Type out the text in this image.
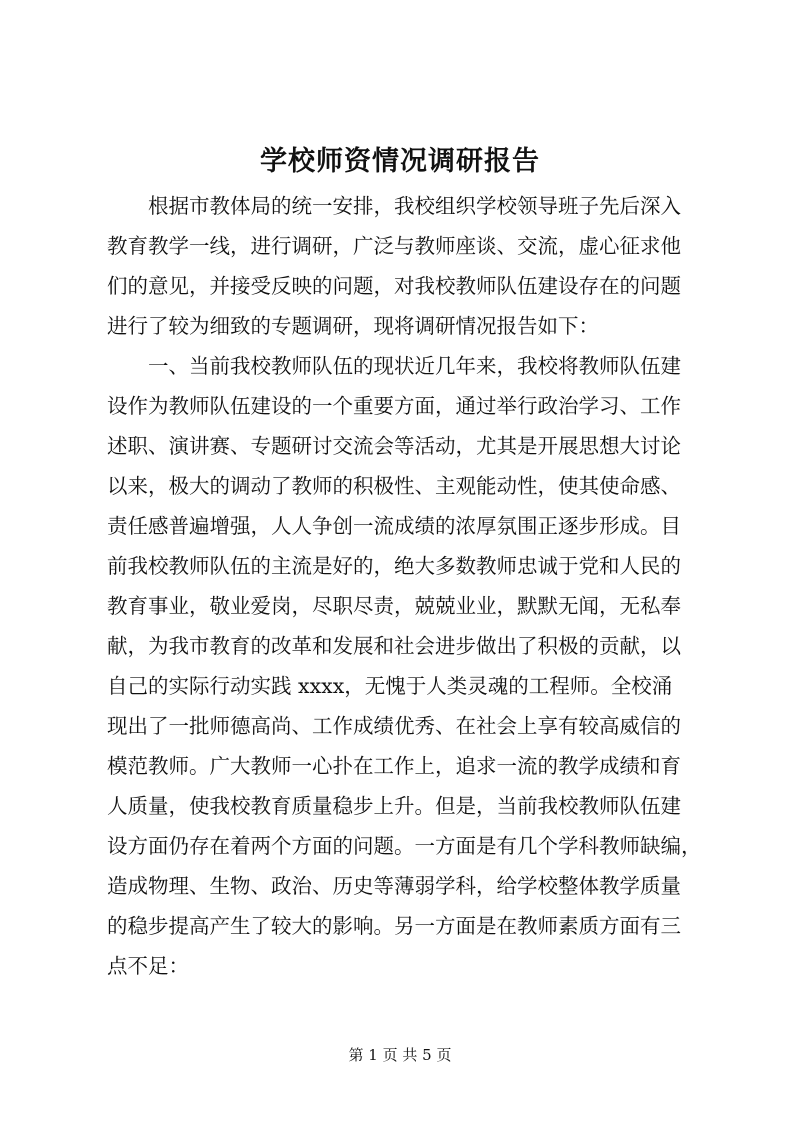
学校师资情况调研报告
　　根据市教体局的统一安排，我校组织学校领导班子先后深入
教育教学一线，进行调研，广泛与教师座谈、交流，虚心征求他
们的意见，并接受反映的问题，对我校教师队伍建设存在的问题
进行了较为细致的专题调研，现将调研情况报告如下：
　　一、当前我校教师队伍的现状近几年来，我校将教师队伍建
设作为教师队伍建设的一个重要方面，通过举行政治学习、工作
述职、演讲赛、专题研讨交流会等活动，尤其是开展思想大讨论
以来，极大的调动了教师的积极性、主观能动性，使其使命感、
责任感普遍增强，人人争创一流成绩的浓厚氛围正逐步形成。目
前我校教师队伍的主流是好的，绝大多数教师忠诚于党和人民的
教育事业，敬业爱岗，尽职尽责，兢兢业业，默默无闻，无私奉
献，为我市教育的改革和发展和社会进步做出了积极的贡献，以
自己的实际行动实践 xxxx，无愧于人类灵魂的工程师。全校涌
现出了一批师德高尚、工作成绩优秀、在社会上享有较高威信的
模范教师。广大教师一心扑在工作上，追求一流的教学成绩和育
人质量，使我校教育质量稳步上升。但是，当前我校教师队伍建
设方面仍存在着两个方面的问题。一方面是有几个学科教师缺编，
造成物理、生物、政治、历史等薄弱学科，给学校整体教学质量
的稳步提高产生了较大的影响。另一方面是在教师素质方面有三
点不足：
第 1 页 共 5 页
